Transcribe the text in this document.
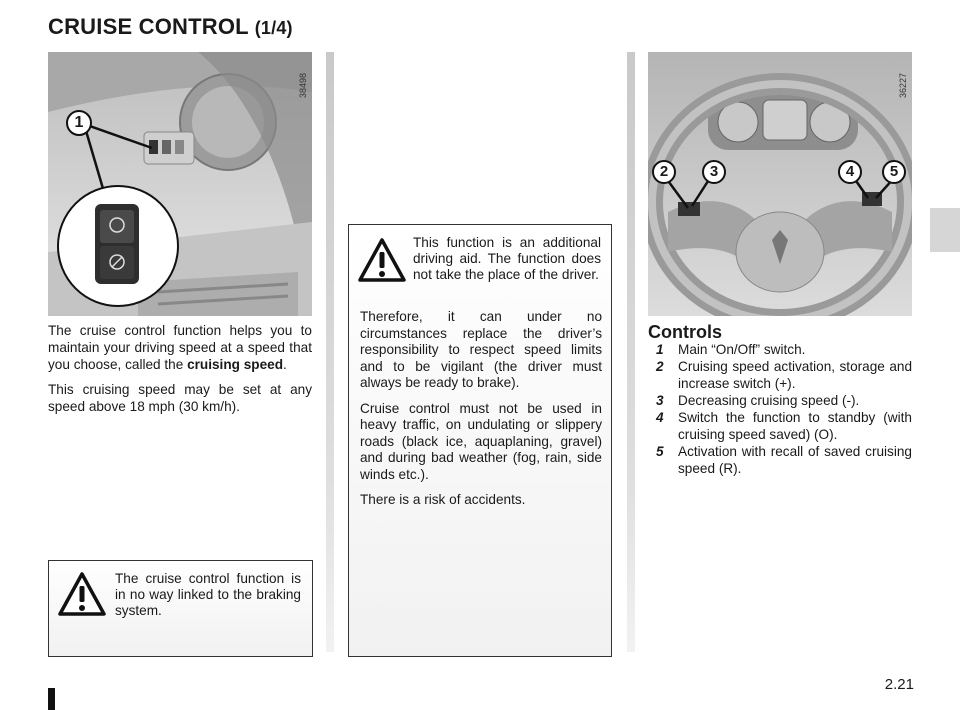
CRUISE CONTROL (1/4)
1
38498
2	3	4	5
36227

The cruise control function helps you to maintain your driving speed at a speed that you choose, called the cruising speed.

This cruising speed may be set at any speed above 18 mph (30 km/h).

The cruise control function is in no way linked to the braking system.
This function is an additional driving aid. The function does not take the place of the driver.

Therefore, it can under no circumstances replace the driver’s responsibility to respect speed limits and to be vigilant (the driver must always be ready to brake).

Cruise control must not be used in heavy traffic, on undulating or slippery roads (black ice, aquaplaning, gravel) and during bad weather (fog, rain, side winds etc.).

There is a risk of accidents.

Controls
1 Main “On/Off” switch.
2 Cruising speed activation, storage and increase switch (+).
3 Decreasing cruising speed (-).
4 Switch the function to standby (with cruising speed saved) (O).
5 Activation with recall of saved cruising speed (R).
2.21
